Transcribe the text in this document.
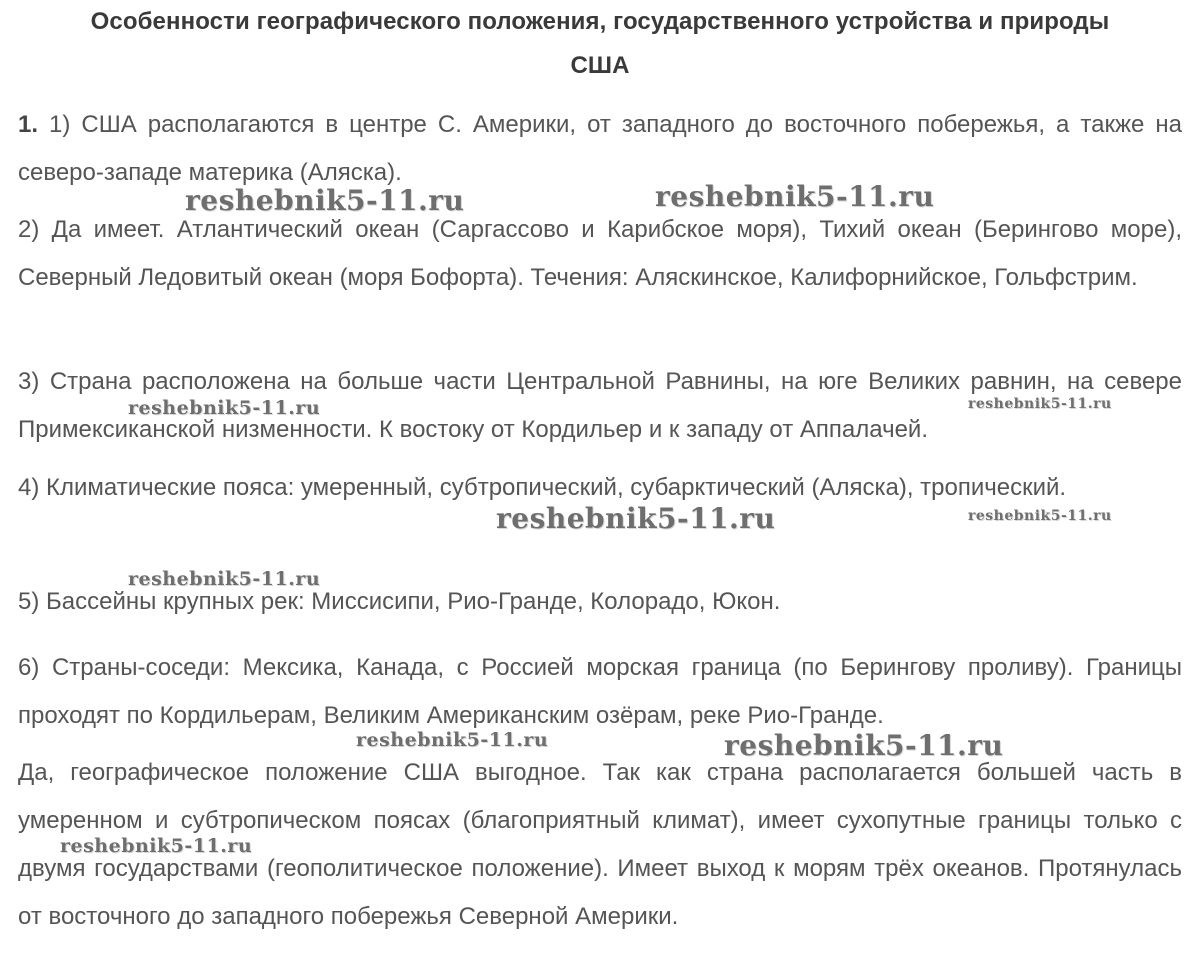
Особенности географического положения, государственного устройства и природы
США

1. 1) США располагаются в центре С. Америки, от западного до восточного побережья, а также на северо-западе материка (Аляска).

2) Да имеет. Атлантический океан (Саргассово и Карибское моря), Тихий океан (Берингово море), Северный Ледовитый океан (моря Бофорта). Течения: Аляскинское, Калифорнийское, Гольфстрим.

3) Страна расположена на больше части Центральной Равнины, на юге Великих равнин, на севере Примексиканской низменности. К востоку от Кордильер и к западу от Аппалачей.

4) Климатические пояса: умеренный, субтропический, субарктический (Аляска), тропический.

5) Бассейны крупных рек: Миссисипи, Рио-Гранде, Колорадо, Юкон.

6) Страны-соседи: Мексика, Канада, с Россией морская граница (по Берингову проливу). Границы проходят по Кордильерам, Великим Американским озёрам, реке Рио-Гранде.

Да, географическое положение США выгодное. Так как страна располагается большей часть в умеренном и субтропическом поясах (благоприятный климат), имеет сухопутные границы только с двумя государствами (геополитическое положение). Имеет выход к морям трёх океанов. Протянулась от восточного до западного побережья Северной Америки.

reshebnik5-11.ru	reshebnik5-11.ru
reshebnik5-11.ru	reshebnik5-11.ru
reshebnik5-11.ru	reshebnik5-11.ru
reshebnik5-11.ru
reshebnik5-11.ru	reshebnik5-11.ru
reshebnik5-11.ru
